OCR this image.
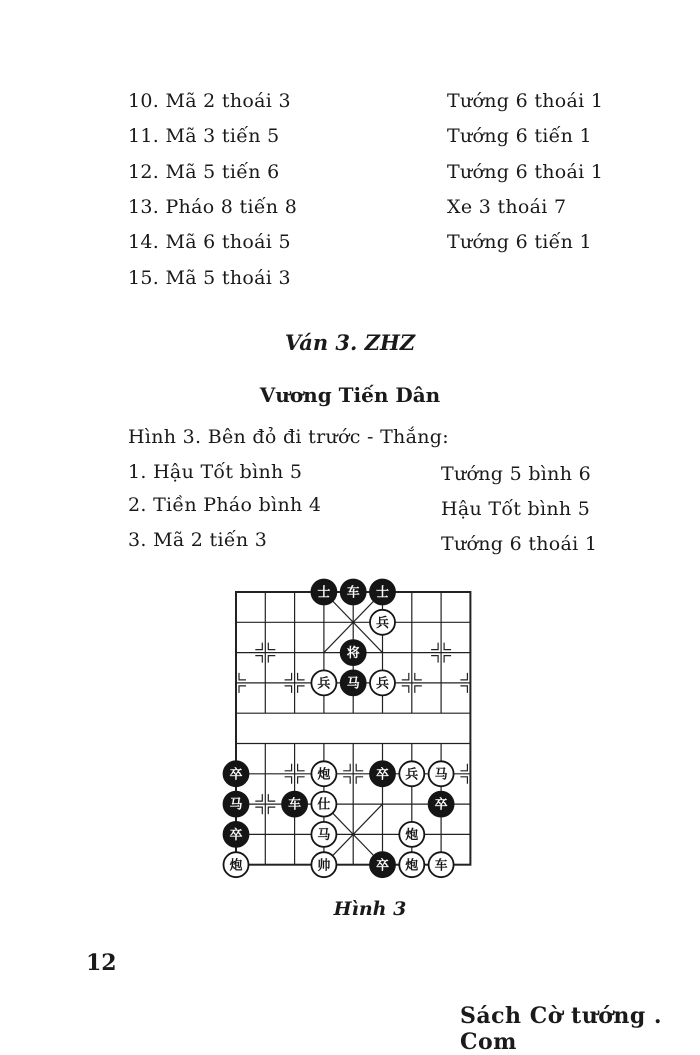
10. Mã 2 thoái 3	Tướng 6 thoái 1
11. Mã 3 tiến 5	Tướng 6 tiến 1
12. Mã 5 tiến 6	Tướng 6 thoái 1
13. Pháo 8 tiến 8	Xe 3 thoái 7
14. Mã 6 thoái 5	Tướng 6 tiến 1
15. Mã 5 thoái 3
Ván 3. ZHZ
Vương Tiến Dân
Hình 3. Bên đỏ đi trước - Thắng:
1. Hậu Tốt bình 5	Tướng 5 bình 6
2. Tiền Pháo bình 4	Hậu Tốt bình 5
3. Mã 2 tiến 3	Tướng 6 thoái 1
士 车 士
兵
将
兵 马 兵
卒	炮	卒 兵 马
马	车 仕	卒
卒	马	炮
炮	帅	卒 炮 车
Hình 3
12
Sách Cờ tướng . Com
